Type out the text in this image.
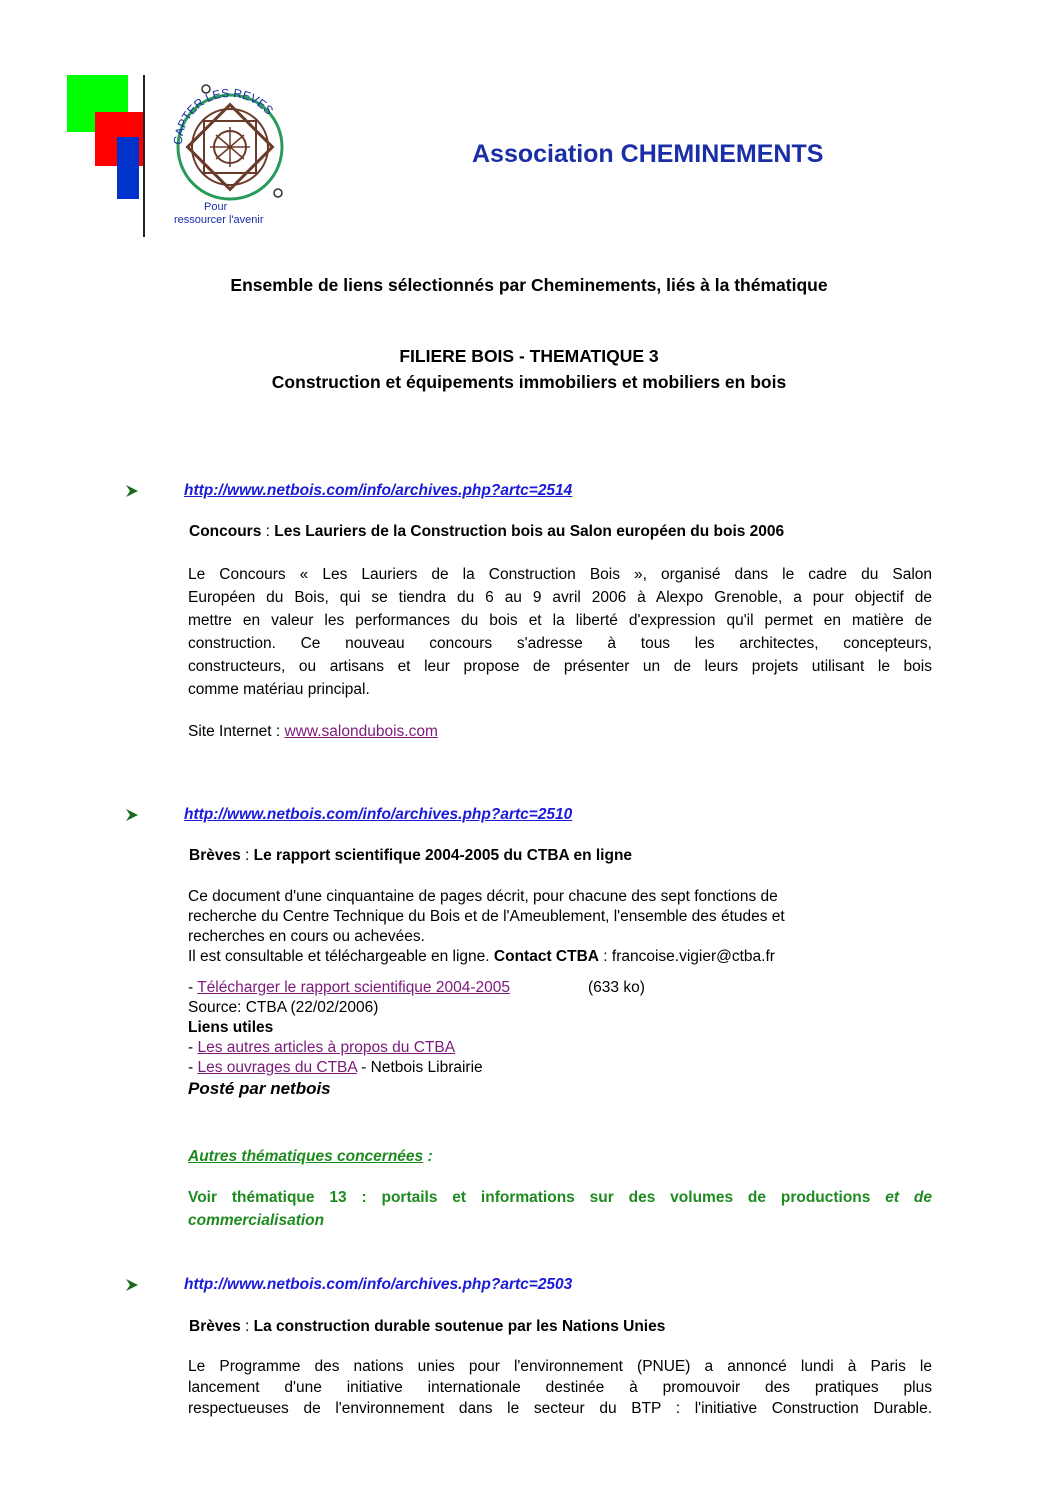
CAPTER LES REVES
Pour
ressourcer l'avenir
Association CHEMINEMENTS
Ensemble de liens sélectionnés par Cheminements, liés à la thématique
FILIERE BOIS - THEMATIQUE 3
Construction et équipements immobiliers et mobiliers en bois
http://www.netbois.com/info/archives.php?artc=2514
Concours : Les Lauriers de la Construction bois au Salon européen du bois 2006
Le Concours « Les Lauriers de la Construction Bois », organisé dans le cadre du Salon
Européen du Bois, qui se tiendra du 6 au 9 avril 2006 à Alexpo Grenoble, a pour objectif de
mettre en valeur les performances du bois et la liberté d'expression qu'il permet en matière de
construction. Ce nouveau concours s'adresse à tous les architectes, concepteurs,
constructeurs, ou artisans et leur propose de présenter un de leurs projets utilisant le bois
comme matériau principal.
Site Internet : www.salondubois.com
http://www.netbois.com/info/archives.php?artc=2510
Brèves : Le rapport scientifique 2004-2005 du CTBA en ligne
Ce document d'une cinquantaine de pages décrit, pour chacune des sept fonctions de
recherche du Centre Technique du Bois et de l'Ameublement, l'ensemble des études et
recherches en cours ou achevées.
Il est consultable et téléchargeable en ligne. Contact CTBA : francoise.vigier@ctba.fr
- Télécharger le rapport scientifique 2004-2005	(633 ko)
Source: CTBA (22/02/2006)
Liens utiles
- Les autres articles à propos du CTBA
- Les ouvrages du CTBA - Netbois Librairie
Posté par netbois
Autres thématiques concernées :
Voir thématique 13 : portails et informations sur des volumes de productions et de
commercialisation
http://www.netbois.com/info/archives.php?artc=2503
Brèves : La construction durable soutenue par les Nations Unies
Le Programme des nations unies pour l'environnement (PNUE) a annoncé lundi à Paris le
lancement d'une initiative internationale destinée à promouvoir des pratiques plus
respectueuses de l'environnement dans le secteur du BTP : l'initiative Construction Durable.
